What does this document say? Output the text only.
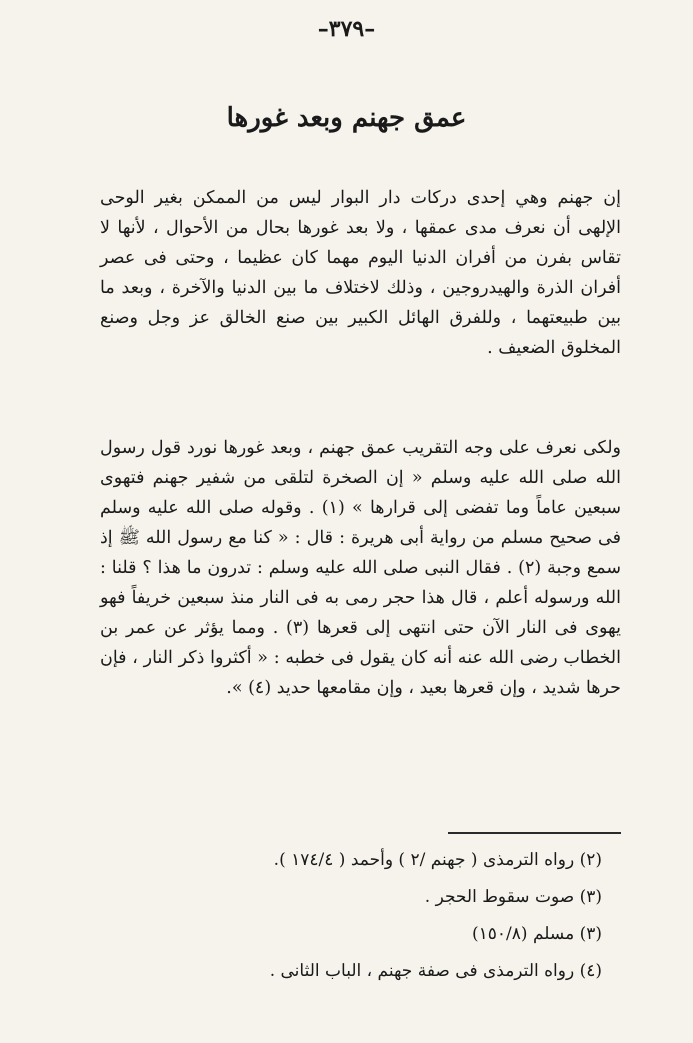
–٣٧٩–
عمق جهنم وبعد غورها

إن جهنم وهي إحدى دركات دار البوار ليس من الممكن بغير الوحى الإلهى أن نعرف مدى عمقها ، ولا بعد غورها بحال من الأحوال ، لأنها لا تقاس بفرن من أفران الدنيا اليوم مهما كان عظيما ، وحتى فى عصر أفران الذرة والهيدروجين ، وذلك لاختلاف ما بين الدنيا والآخرة ، وبعد ما بين طبيعتهما ، وللفرق الهائل الكبير بين صنع الخالق عز وجل وصنع المخلوق الضعيف .

ولكى نعرف على وجه التقريب عمق جهنم ، وبعد غورها نورد قول رسول الله صلى الله عليه وسلم « إن الصخرة لتلقى من شفير جهنم فتهوى سبعين عاماً وما تفضى إلى قرارها » (١) . وقوله صلى الله عليه وسلم فى صحيح مسلم من رواية أبى هريرة : قال : « كنا مع رسول الله ﷺ إذ سمع وجبة (٢) . فقال النبى صلى الله عليه وسلم : تدرون ما هذا ؟ قلنا : الله ورسوله أعلم ، قال هذا حجر رمى به فى النار منذ سبعين خريفاً فهو يهوى فى النار الآن حتى انتهى إلى قعرها (٣) . ومما يؤثر عن عمر بن الخطاب رضى الله عنه أنه كان يقول فى خطبه : « أكثروا ذكر النار ، فإن حرها شديد ، وإن قعرها بعيد ، وإن مقامعها حديد (٤) ».

(٢) رواه الترمذى ( جهنم /٢ ) وأحمد ( ١٧٤/٤ ).
(٣) صوت سقوط الحجر .
(٣) مسلم (١٥٠/٨)
(٤) رواه الترمذى فى صفة جهنم ، الباب الثانى .
